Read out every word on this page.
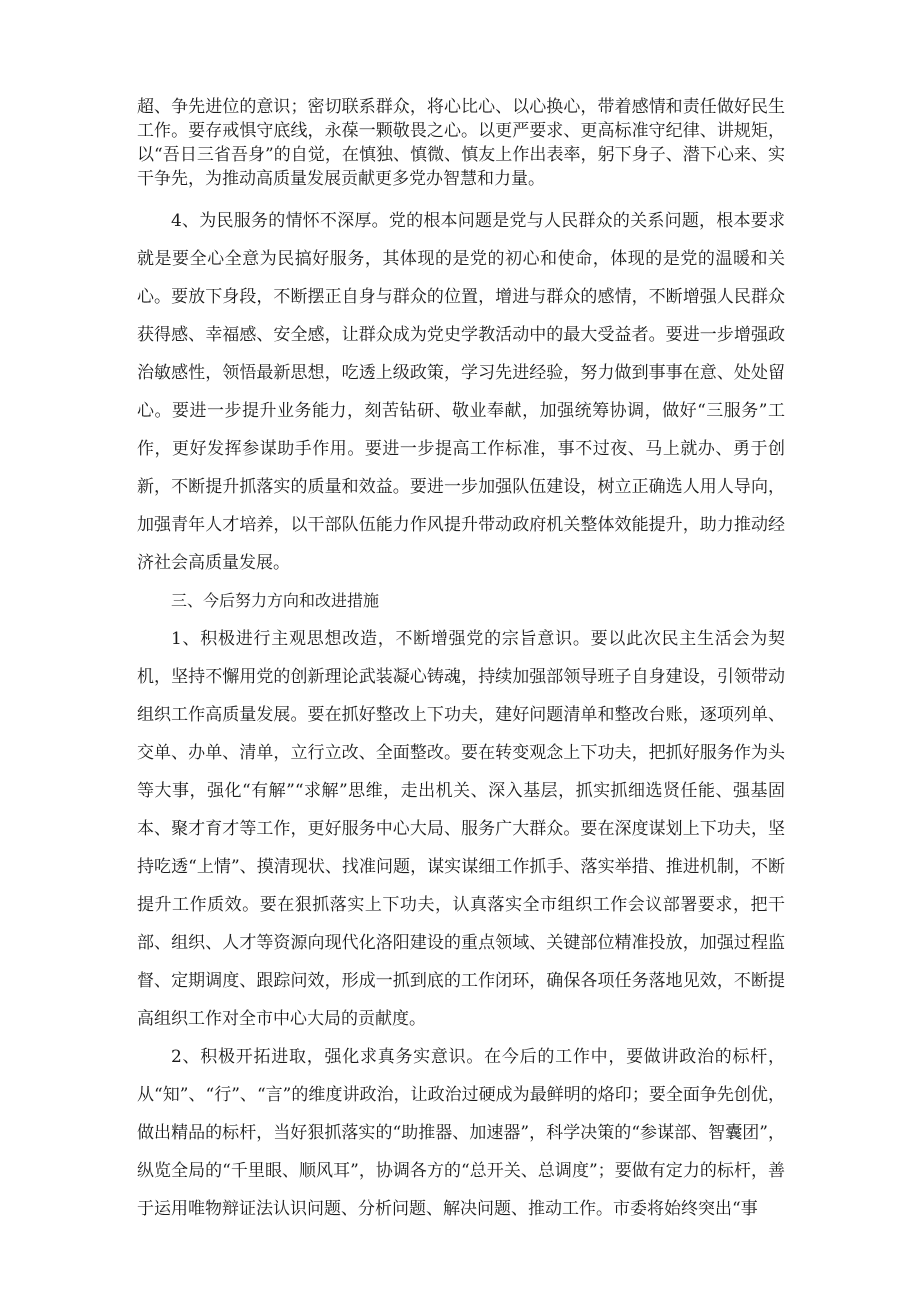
超、争先进位的意识；密切联系群众，将心比心、以心换心，带着感情和责任做好民生工作。要存戒惧守底线，永葆一颗敬畏之心。以更严要求、更高标准守纪律、讲规矩，以“吾日三省吾身”的自觉，在慎独、慎微、慎友上作出表率，躬下身子、潜下心来、实干争先，为推动高质量发展贡献更多党办智慧和力量。

4、为民服务的情怀不深厚。党的根本问题是党与人民群众的关系问题，根本要求就是要全心全意为民搞好服务，其体现的是党的初心和使命，体现的是党的温暖和关心。要放下身段，不断摆正自身与群众的位置，增进与群众的感情，不断增强人民群众获得感、幸福感、安全感，让群众成为党史学教活动中的最大受益者。要进一步增强政治敏感性，领悟最新思想，吃透上级政策，学习先进经验，努力做到事事在意、处处留心。要进一步提升业务能力，刻苦钻研、敬业奉献，加强统筹协调，做好“三服务”工作，更好发挥参谋助手作用。要进一步提高工作标准，事不过夜、马上就办、勇于创新，不断提升抓落实的质量和效益。要进一步加强队伍建设，树立正确选人用人导向，加强青年人才培养，以干部队伍能力作风提升带动政府机关整体效能提升，助力推动经济社会高质量发展。

三、今后努力方向和改进措施

1、积极进行主观思想改造，不断增强党的宗旨意识。要以此次民主生活会为契机，坚持不懈用党的创新理论武装凝心铸魂，持续加强部领导班子自身建设，引领带动组织工作高质量发展。要在抓好整改上下功夫，建好问题清单和整改台账，逐项列单、交单、办单、清单，立行立改、全面整改。要在转变观念上下功夫，把抓好服务作为头等大事，强化“有解”“求解”思维，走出机关、深入基层，抓实抓细选贤任能、强基固本、聚才育才等工作，更好服务中心大局、服务广大群众。要在深度谋划上下功夫，坚持吃透“上情”、摸清现状、找准问题，谋实谋细工作抓手、落实举措、推进机制，不断提升工作质效。要在狠抓落实上下功夫，认真落实全市组织工作会议部署要求，把干部、组织、人才等资源向现代化洛阳建设的重点领域、关键部位精准投放，加强过程监督、定期调度、跟踪问效，形成一抓到底的工作闭环，确保各项任务落地见效，不断提高组织工作对全市中心大局的贡献度。

2、积极开拓进取，强化求真务实意识。在今后的工作中，要做讲政治的标杆，从“知”、“行”、“言”的维度讲政治，让政治过硬成为最鲜明的烙印；要全面争先创优，做出精品的标杆，当好狠抓落实的“助推器、加速器”，科学决策的“参谋部、智囊团”，纵览全局的“千里眼、顺风耳”，协调各方的“总开关、总调度”；要做有定力的标杆，善于运用唯物辩证法认识问题、分析问题、解决问题、推动工作。市委将始终突出“事
